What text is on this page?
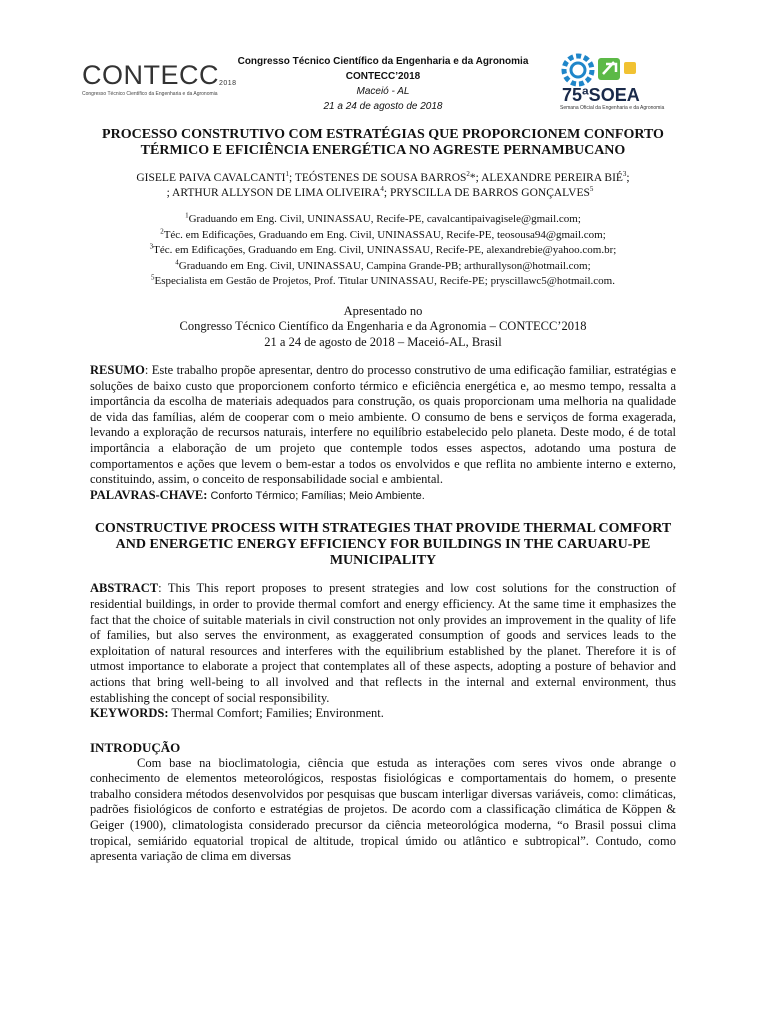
$CONTECC^{2018}$
Congresso Técnico Científico da Engenharia e da Agronomia
Congresso Técnico Científico da Engenharia e da Agronomia
CONTECC’2018
Maceió - AL
21 a 24 de agosto de 2018
75ªSOEA
Semana Oficial da Engenharia e da Agronomia
PROCESSO CONSTRUTIVO COM ESTRATÉGIAS QUE PROPORCIONEM CONFORTO TÉRMICO E EFICIÊNCIA ENERGÉTICA NO AGRESTE PERNAMBUCANO
GISELE PAIVA CAVALCANTI$^1$; TEÓSTENES DE SOUSA BARROS$^2$*; ALEXANDRE PEREIRA BIÉ$^3$;
; ARTHUR ALLYSON DE LIMA OLIVEIRA$^4$; PRYSCILLA DE BARROS GONÇALVES$^5$
$^1$Graduando em Eng. Civil, UNINASSAU, Recife-PE, cavalcantipaivagisele@gmail.com;
$^2$Téc. em Edificações, Graduando em Eng. Civil, UNINASSAU, Recife-PE, teosousa94@gmail.com;
$^3$Téc. em Edificações, Graduando em Eng. Civil, UNINASSAU, Recife-PE, alexandrebie@yahoo.com.br;
$^4$Graduando em Eng. Civil, UNINASSAU, Campina Grande-PB; arthurallyson@hotmail.com;
$^5$Especialista em Gestão de Projetos, Prof. Titular UNINASSAU, Recife-PE; pryscillawc5@hotmail.com.
Apresentado no
Congresso Técnico Científico da Engenharia e da Agronomia – CONTECC’2018
21 a 24 de agosto de 2018 – Maceió-AL, Brasil

RESUMO: Este trabalho propõe apresentar, dentro do processo construtivo de uma edificação familiar, estratégias e soluções de baixo custo que proporcionem conforto térmico e eficiência energética e, ao mesmo tempo, ressalta a importância da escolha de materiais adequados para construção, os quais proporcionam uma melhoria na qualidade de vida das famílias, além de cooperar com o meio ambiente. O consumo de bens e serviços de forma exagerada, levando a exploração de recursos naturais, interfere no equilíbrio estabelecido pelo planeta. Deste modo, é de total importância a elaboração de um projeto que contemple todos esses aspectos, adotando uma postura de comportamentos e ações que levem o bem-estar a todos os envolvidos e que reflita no ambiente interno e externo, constituindo, assim, o conceito de responsabilidade social e ambiental.

PALAVRAS-CHAVE: Conforto Térmico; Famílias; Meio Ambiente.

CONSTRUCTIVE PROCESS WITH STRATEGIES THAT PROVIDE THERMAL COMFORT AND ENERGETIC ENERGY EFFICIENCY FOR BUILDINGS IN THE CARUARU-PE MUNICIPALITY

ABSTRACT: This This report proposes to present strategies and low cost solutions for the construction of residential buildings, in order to provide thermal comfort and energy efficiency. At the same time it emphasizes the fact that the choice of suitable materials in civil construction not only provides an improvement in the quality of life of families, but also serves the environment, as exaggerated consumption of goods and services leads to the exploitation of natural resources and interferes with the equilibrium established by the planet. Therefore it is of utmost importance to elaborate a project that contemplates all of these aspects, adopting a posture of behavior and actions that bring well-being to all involved and that reflects in the internal and external environment, thus establishing the concept of social responsibility.

KEYWORDS: Thermal Comfort; Families; Environment.

INTRODUÇÃO

Com base na bioclimatologia, ciência que estuda as interações com seres vivos onde abrange o conhecimento de elementos meteorológicos, respostas fisiológicas e comportamentais do homem, o presente trabalho considera métodos desenvolvidos por pesquisas que buscam interligar diversas variáveis, como: climáticas, padrões fisiológicos de conforto e estratégias de projetos. De acordo com a classificação climática de Köppen & Geiger (1900), climatologista considerado precursor da ciência meteorológica moderna, “o Brasil possui clima tropical, semiárido equatorial tropical de altitude, tropical úmido ou atlântico e subtropical”. Contudo, como apresenta variação de clima em diversas
